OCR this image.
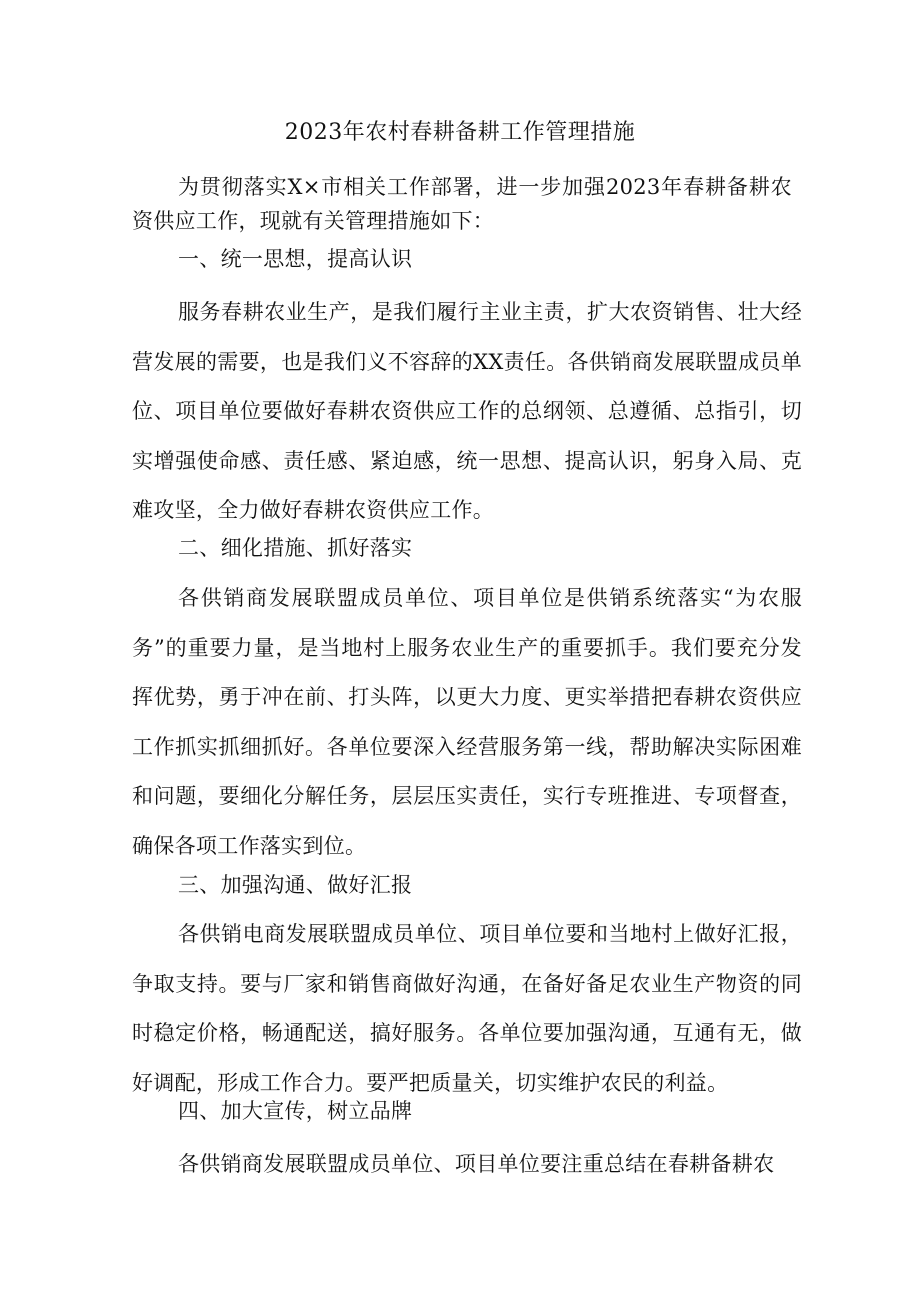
2023年农村春耕备耕工作管理措施

为贯彻落实X×市相关工作部署，进一步加强2023年春耕备耕农资供应工作，现就有关管理措施如下：

一、统一思想，提高认识

服务春耕农业生产，是我们履行主业主责，扩大农资销售、壮大经营发展的需要，也是我们义不容辞的XX责任。各供销商发展联盟成员单位、项目单位要做好春耕农资供应工作的总纲领、总遵循、总指引，切实增强使命感、责任感、紧迫感，统一思想、提高认识，躬身入局、克难攻坚，全力做好春耕农资供应工作。

二、细化措施、抓好落实

各供销商发展联盟成员单位、项目单位是供销系统落实“为农服务”的重要力量，是当地村上服务农业生产的重要抓手。我们要充分发挥优势，勇于冲在前、打头阵，以更大力度、更实举措把春耕农资供应工作抓实抓细抓好。各单位要深入经营服务第一线，帮助解决实际困难和问题，要细化分解任务，层层压实责任，实行专班推进、专项督查，确保各项工作落实到位。

三、加强沟通、做好汇报

各供销电商发展联盟成员单位、项目单位要和当地村上做好汇报，争取支持。要与厂家和销售商做好沟通，在备好备足农业生产物资的同时稳定价格，畅通配送，搞好服务。各单位要加强沟通，互通有无，做好调配，形成工作合力。要严把质量关，切实维护农民的利益。

四、加大宣传，树立品牌

各供销商发展联盟成员单位、项目单位要注重总结在春耕备耕农
